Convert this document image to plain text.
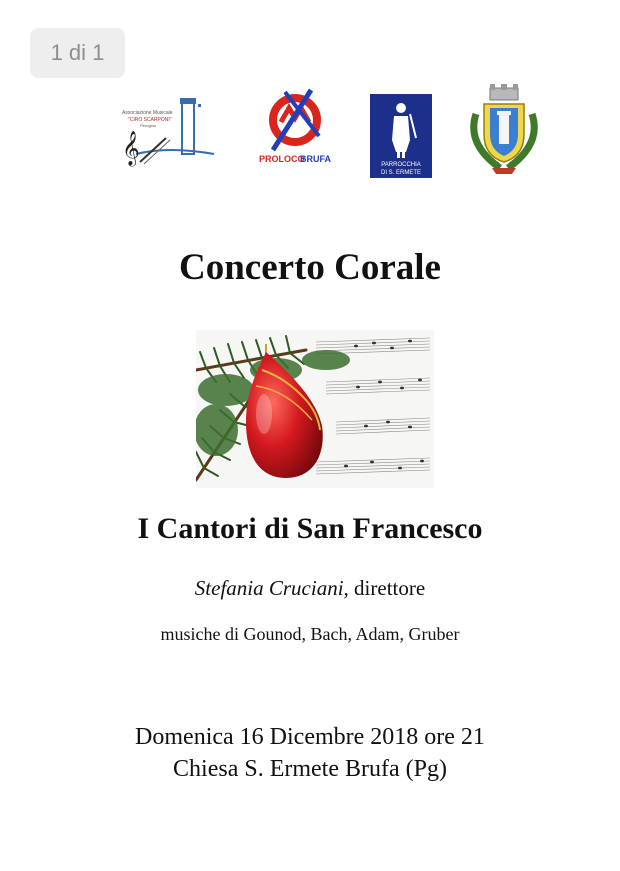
1 di 1
𝄞
Associazione Musicale
"CIRO SCARPONI"
Perugino
PROLOCO
BRUFA
PARROCCHIA
DI S. ERMETE
Concerto Corale
I Cantori di San Francesco
Stefania Cruciani, direttore
musiche di Gounod, Bach, Adam, Gruber
Domenica 16 Dicembre 2018 ore 21
Chiesa S. Ermete Brufa (Pg)
